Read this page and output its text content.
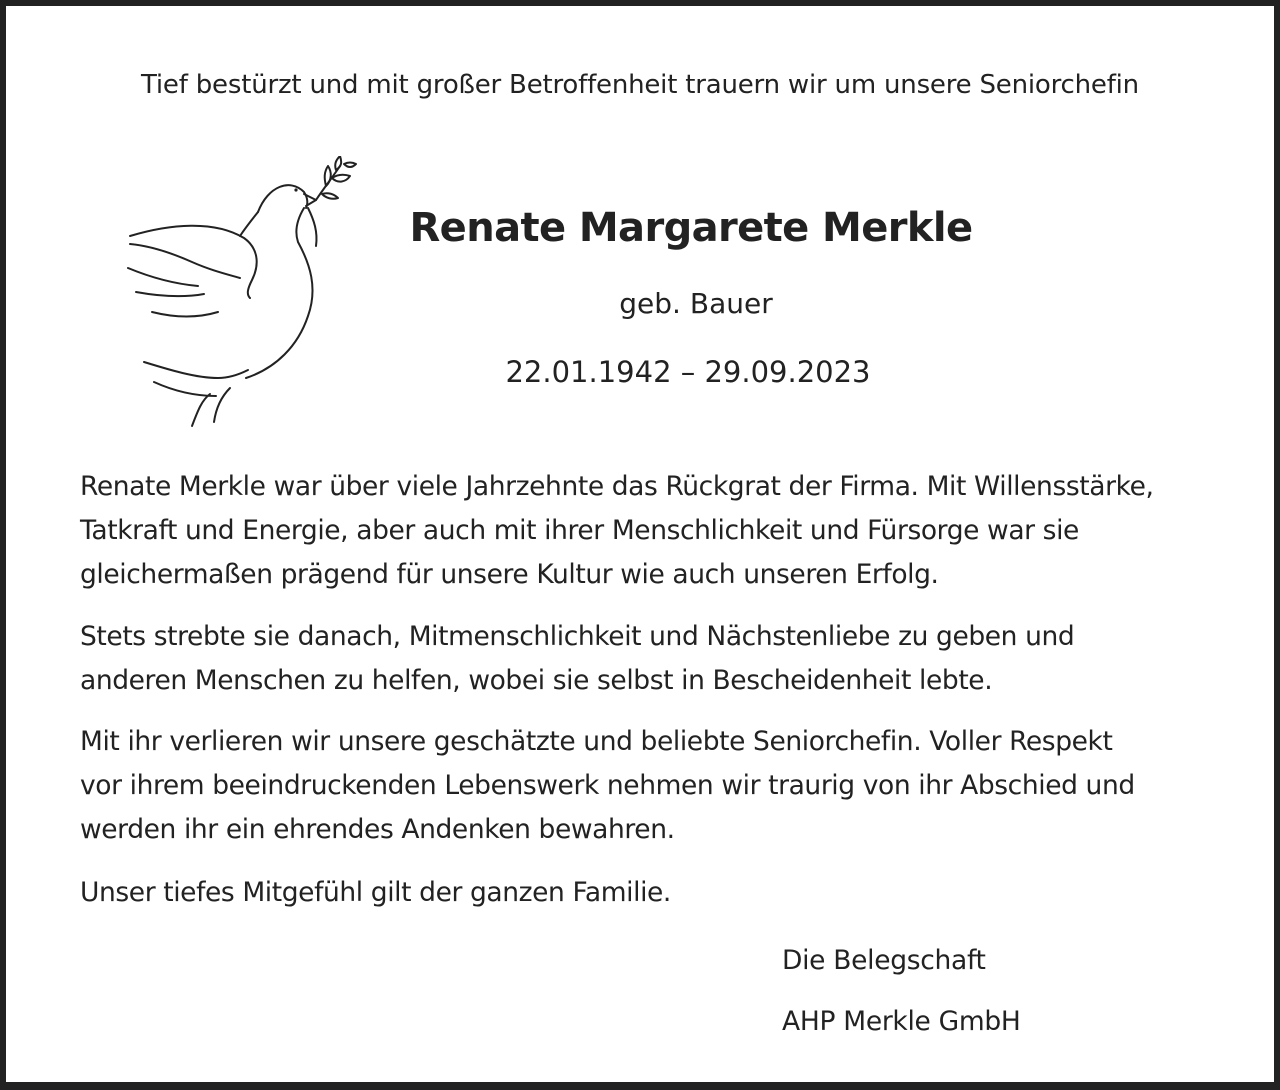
Tief bestürzt und mit großer Betroffenheit trauern wir um unsere Seniorchefin
Renate Margarete Merkle
geb. Bauer
22.01.1942 – 29.09.2023
Renate Merkle war über viele Jahrzehnte das Rückgrat der Firma. Mit Willensstärke,
Tatkraft und Energie, aber auch mit ihrer Menschlichkeit und Fürsorge war sie
gleichermaßen prägend für unsere Kultur wie auch unseren Erfolg.
Stets strebte sie danach, Mitmenschlichkeit und Nächstenliebe zu geben und
anderen Menschen zu helfen, wobei sie selbst in Bescheidenheit lebte.
Mit ihr verlieren wir unsere geschätzte und beliebte Seniorchefin. Voller Respekt
vor ihrem beeindruckenden Lebenswerk nehmen wir traurig von ihr Abschied und
werden ihr ein ehrendes Andenken bewahren.
Unser tiefes Mitgefühl gilt der ganzen Familie.
Die Belegschaft
AHP Merkle GmbH
